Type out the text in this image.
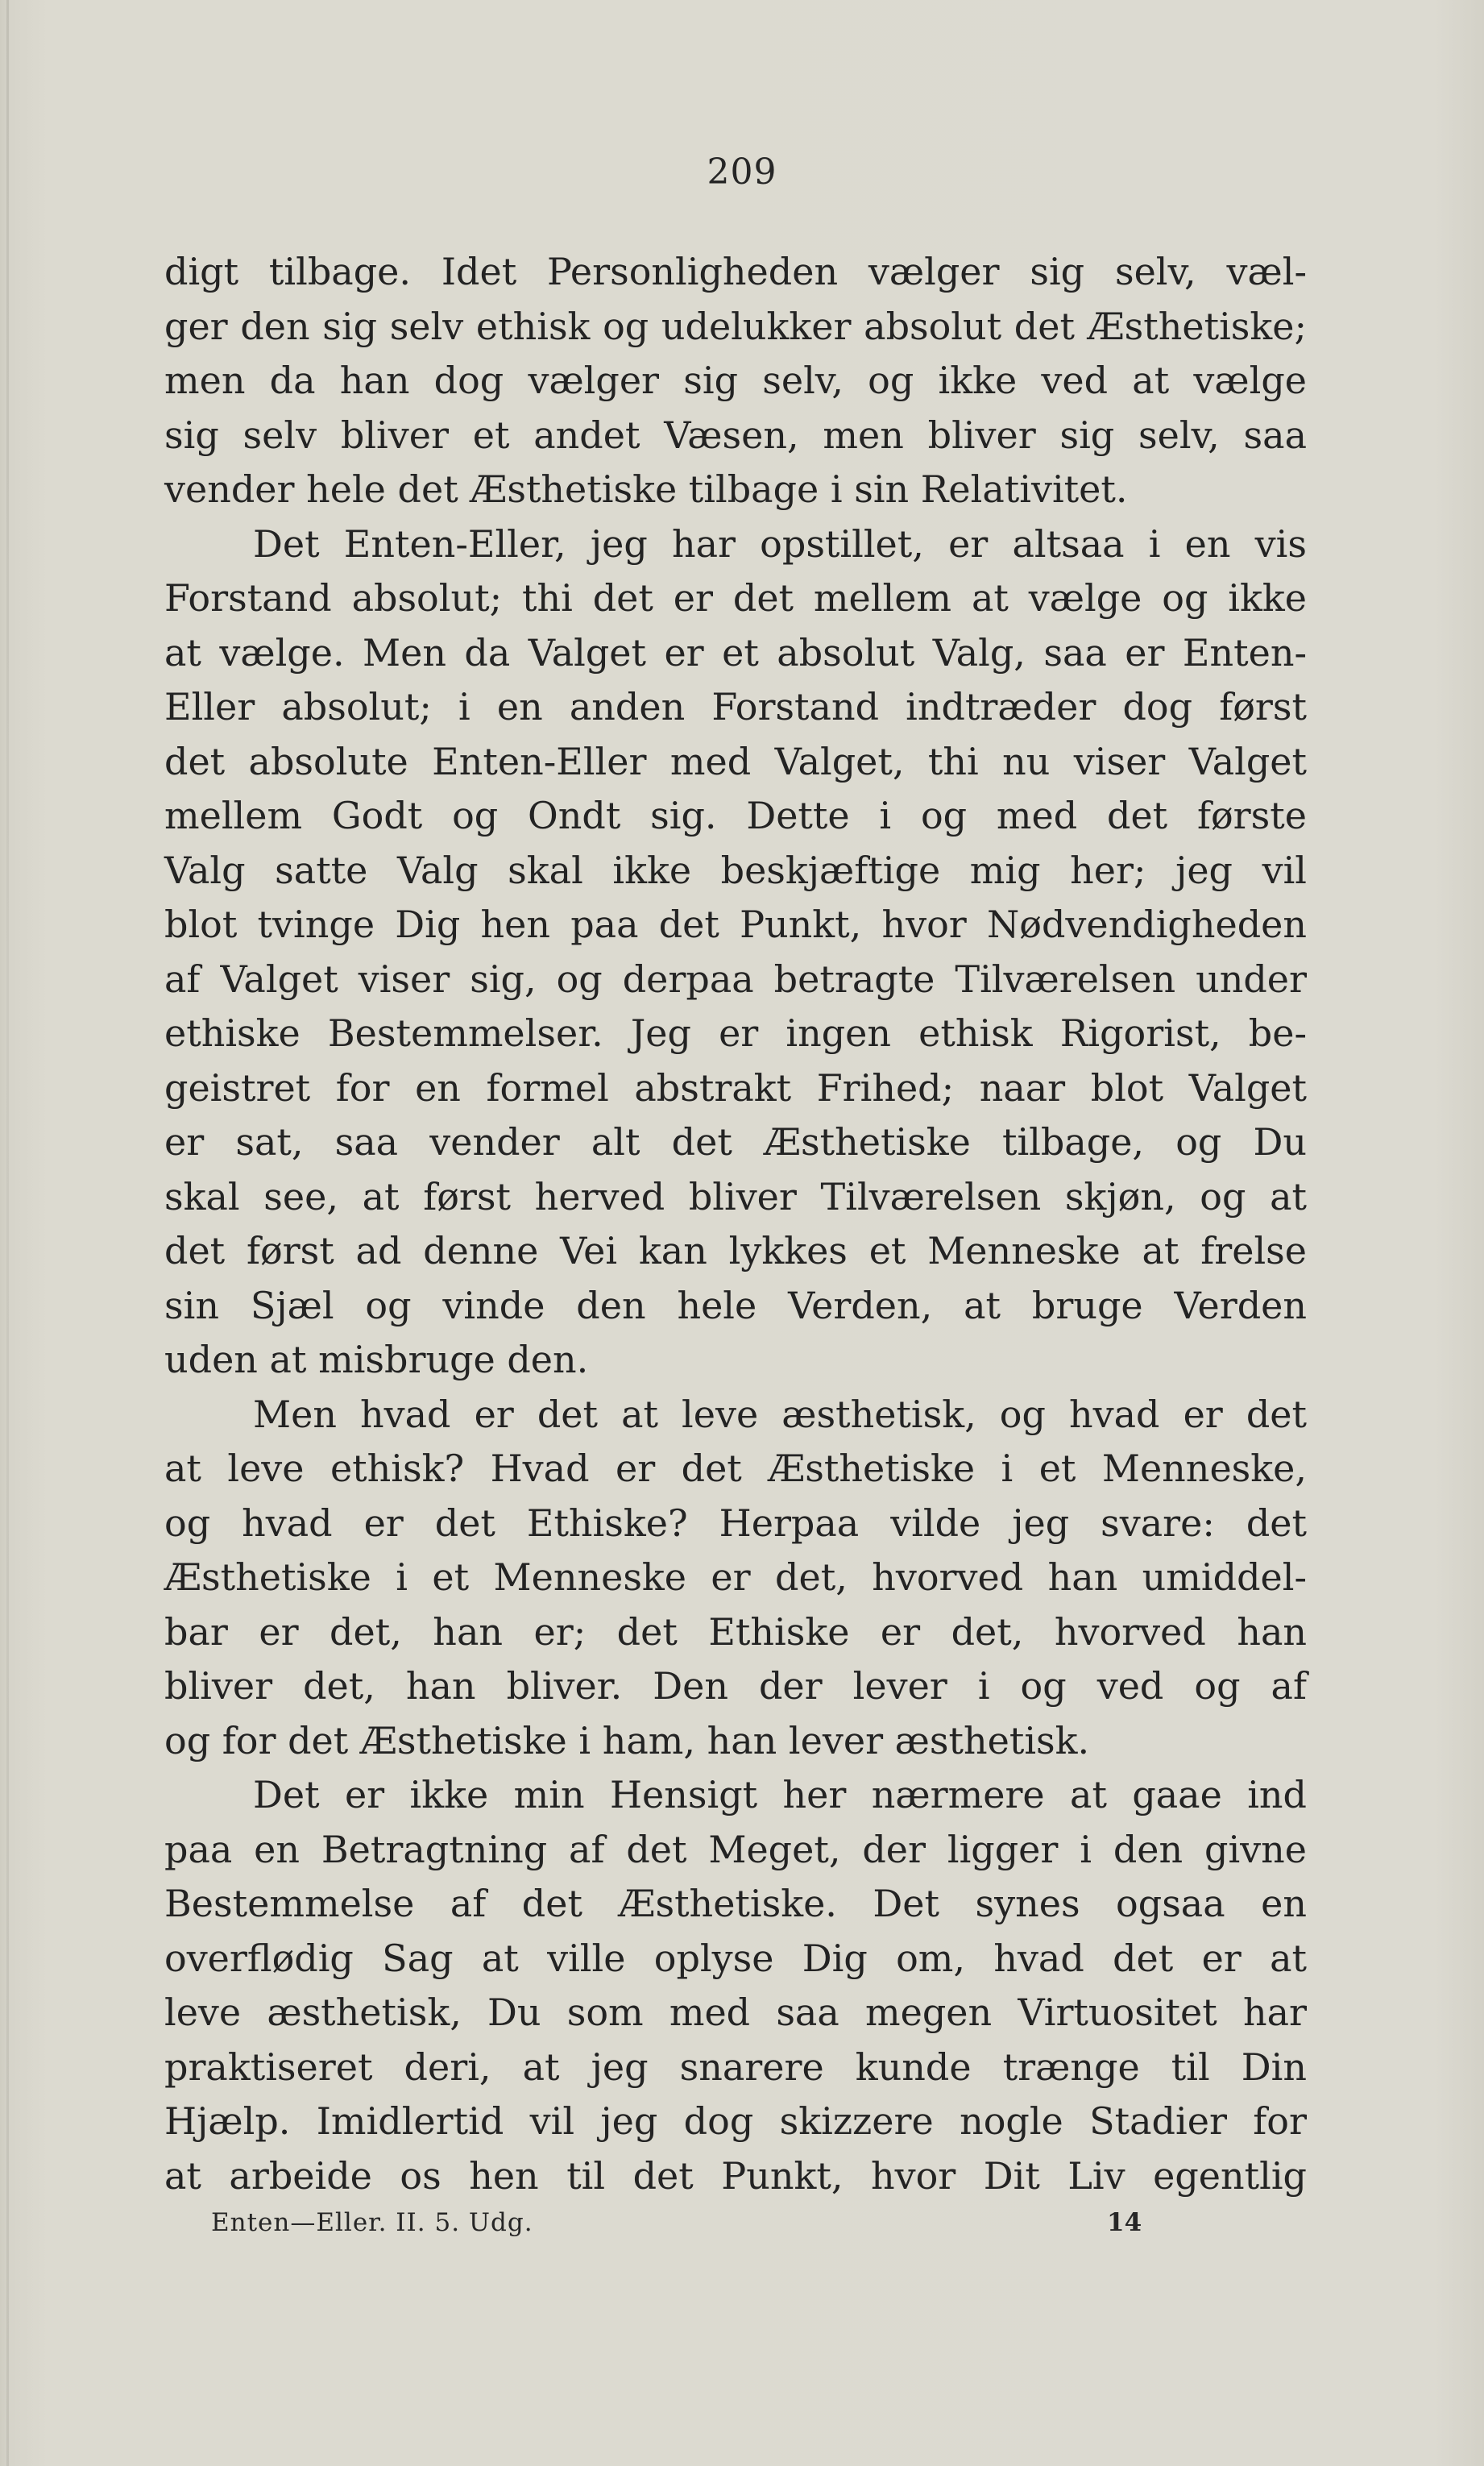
209
digt tilbage. Idet Personligheden vælger sig selv, væl-
ger den sig selv ethisk og udelukker absolut det Æsthetiske;
men da han dog vælger sig selv, og ikke ved at vælge
sig selv bliver et andet Væsen, men bliver sig selv, saa
vender hele det Æsthetiske tilbage i sin Relativitet.
Det Enten-Eller, jeg har opstillet, er altsaa i en vis
Forstand absolut; thi det er det mellem at vælge og ikke
at vælge. Men da Valget er et absolut Valg, saa er Enten-
Eller absolut; i en anden Forstand indtræder dog først
det absolute Enten-Eller med Valget, thi nu viser Valget
mellem Godt og Ondt sig. Dette i og med det første
Valg satte Valg skal ikke beskjæftige mig her; jeg vil
blot tvinge Dig hen paa det Punkt, hvor Nødvendigheden
af Valget viser sig, og derpaa betragte Tilværelsen under
ethiske Bestemmelser. Jeg er ingen ethisk Rigorist, be-
geistret for en formel abstrakt Frihed; naar blot Valget
er sat, saa vender alt det Æsthetiske tilbage, og Du
skal see, at først herved bliver Tilværelsen skjøn, og at
det først ad denne Vei kan lykkes et Menneske at frelse
sin Sjæl og vinde den hele Verden, at bruge Verden
uden at misbruge den.
Men hvad er det at leve æsthetisk, og hvad er det
at leve ethisk? Hvad er det Æsthetiske i et Menneske,
og hvad er det Ethiske? Herpaa vilde jeg svare: det
Æsthetiske i et Menneske er det, hvorved han umiddel-
bar er det, han er; det Ethiske er det, hvorved han
bliver det, han bliver. Den der lever i og ved og af
og for det Æsthetiske i ham, han lever æsthetisk.
Det er ikke min Hensigt her nærmere at gaae ind
paa en Betragtning af det Meget, der ligger i den givne
Bestemmelse af det Æsthetiske. Det synes ogsaa en
overflødig Sag at ville oplyse Dig om, hvad det er at
leve æsthetisk, Du som med saa megen Virtuositet har
praktiseret deri, at jeg snarere kunde trænge til Din
Hjælp. Imidlertid vil jeg dog skizzere nogle Stadier for
at arbeide os hen til det Punkt, hvor Dit Liv egentlig
Enten—Eller. II. 5. Udg.	14
